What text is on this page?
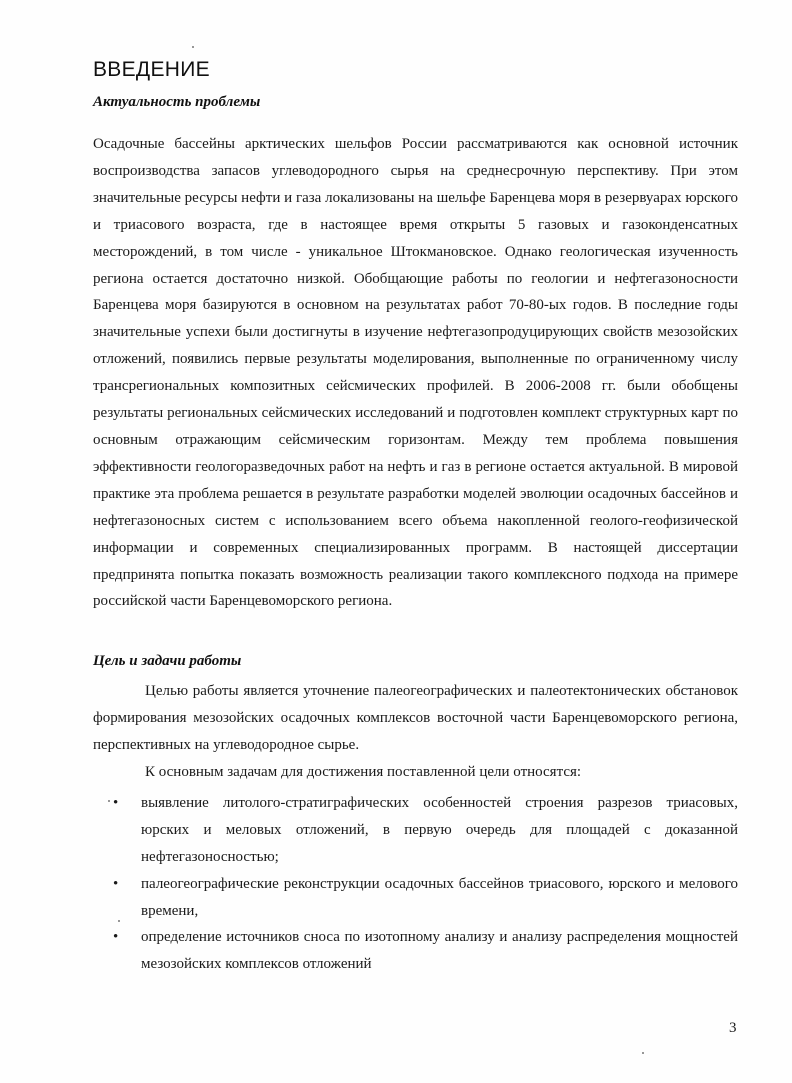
ВВЕДЕНИЕ
Актуальность проблемы

Осадочные бассейны арктических шельфов России рассматриваются как основной источник воспроизводства запасов углеводородного сырья на среднесрочную перспективу. При этом значительные ресурсы нефти и газа локализованы на шельфе Баренцева моря в резервуарах юрского и триасового возраста, где в настоящее время открыты 5 газовых и газоконденсатных месторождений, в том числе - уникальное Штокмановское. Однако геологическая изученность региона остается достаточно низкой. Обобщающие работы по геологии и нефтегазоносности Баренцева моря базируются в основном на результатах работ 70-80-ых годов. В последние годы значительные успехи были достигнуты в изучение нефтегазопродуцирующих свойств мезозойских отложений, появились первые результаты моделирования, выполненные по ограниченному числу трансрегиональных композитных сейсмических профилей. В 2006-2008 гг. были обобщены результаты региональных сейсмических исследований и подготовлен комплект структурных карт по основным отражающим сейсмическим горизонтам. Между тем проблема повышения эффективности геологоразведочных работ на нефть и газ в регионе остается актуальной. В мировой практике эта проблема решается в результате разработки моделей эволюции осадочных бассейнов и нефтегазоносных систем с использованием всего объема накопленной геолого-геофизической информации и современных специализированных программ. В настоящей диссертации предпринята попытка показать возможность реализации такого комплексного подхода на примере российской части Баренцевоморского региона.

Цель и задачи работы

Целью работы является уточнение палеогеографических и палеотектонических обстановок формирования мезозойских осадочных комплексов восточной части Баренцевоморского региона, перспективных на углеводородное сырье.

К основным задачам для достижения поставленной цели относятся:

• выявление литолого-стратиграфических особенностей строения разрезов триасовых, юрских и меловых отложений, в первую очередь для площадей с доказанной нефтегазоносностью;
• палеогеографические реконструкции осадочных бассейнов триасового, юрского и мелового времени,
• определение источников сноса по изотопному анализу и анализу распределения мощностей мезозойских комплексов отложений
3
